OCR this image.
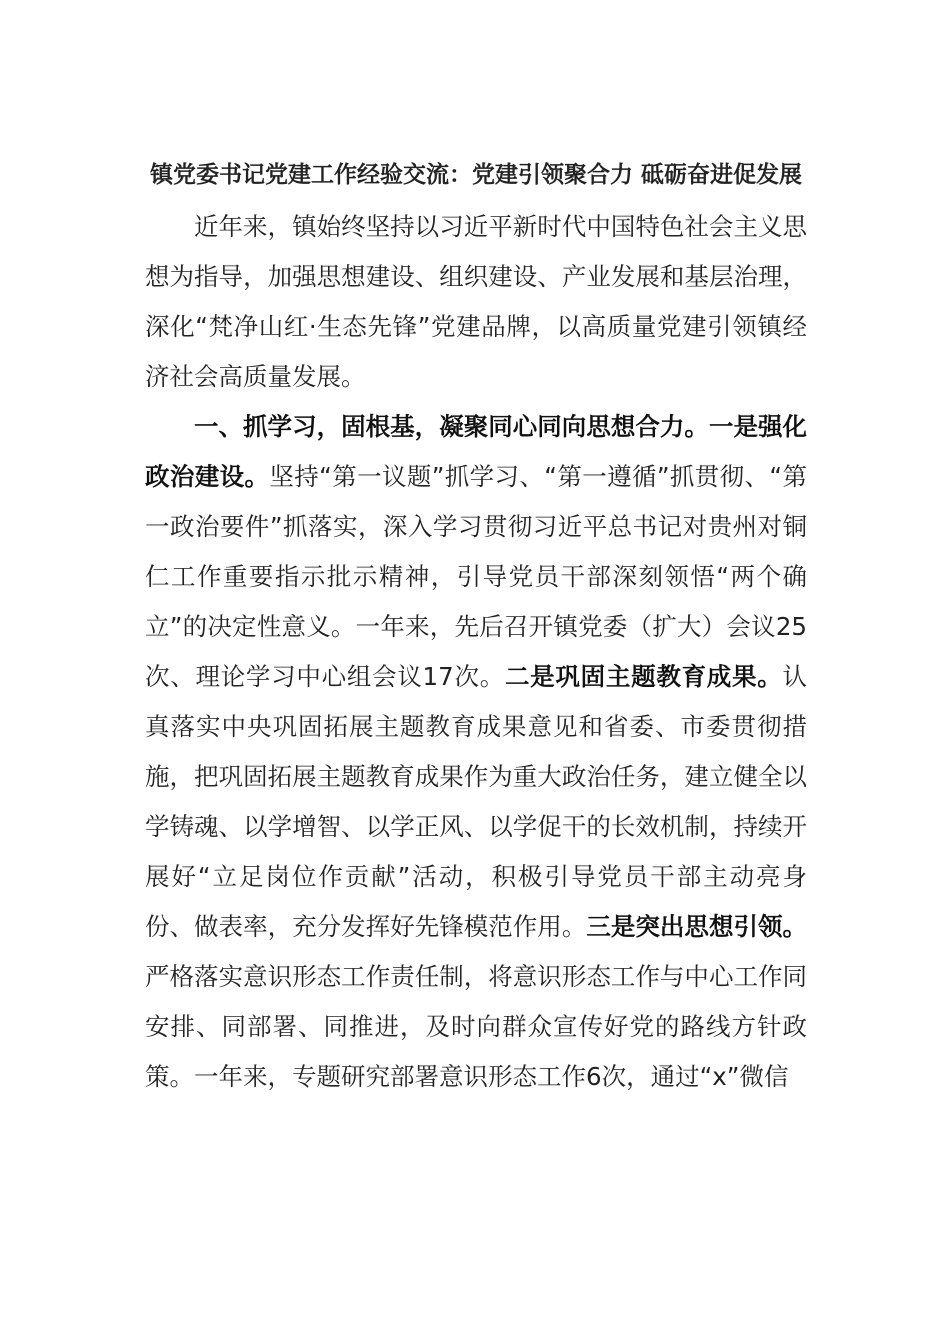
镇党委书记党建工作经验交流：党建引领聚合力 砥砺奋进促发展

近年来，镇始终坚持以习近平新时代中国特色社会主义思想为指导，加强思想建设、组织建设、产业发展和基层治理，深化“梵净山红·生态先锋”党建品牌，以高质量党建引领镇经济社会高质量发展。

一、抓学习，固根基，凝聚同心同向思想合力。一是强化政治建设。坚持“第一议题”抓学习、“第一遵循”抓贯彻、“第一政治要件”抓落实，深入学习贯彻习近平总书记对贵州对铜仁工作重要指示批示精神，引导党员干部深刻领悟“两个确立”的决定性意义。一年来，先后召开镇党委（扩大）会议25次、理论学习中心组会议17次。二是巩固主题教育成果。认真落实中央巩固拓展主题教育成果意见和省委、市委贯彻措施，把巩固拓展主题教育成果作为重大政治任务，建立健全以学铸魂、以学增智、以学正风、以学促干的长效机制，持续开展好“立足岗位作贡献”活动，积极引导党员干部主动亮身份、做表率，充分发挥好先锋模范作用。三是突出思想引领。严格落实意识形态工作责任制，将意识形态工作与中心工作同安排、同部署、同推进，及时向群众宣传好党的路线方针政策。一年来，专题研究部署意识形态工作6次，通过“x”微信
